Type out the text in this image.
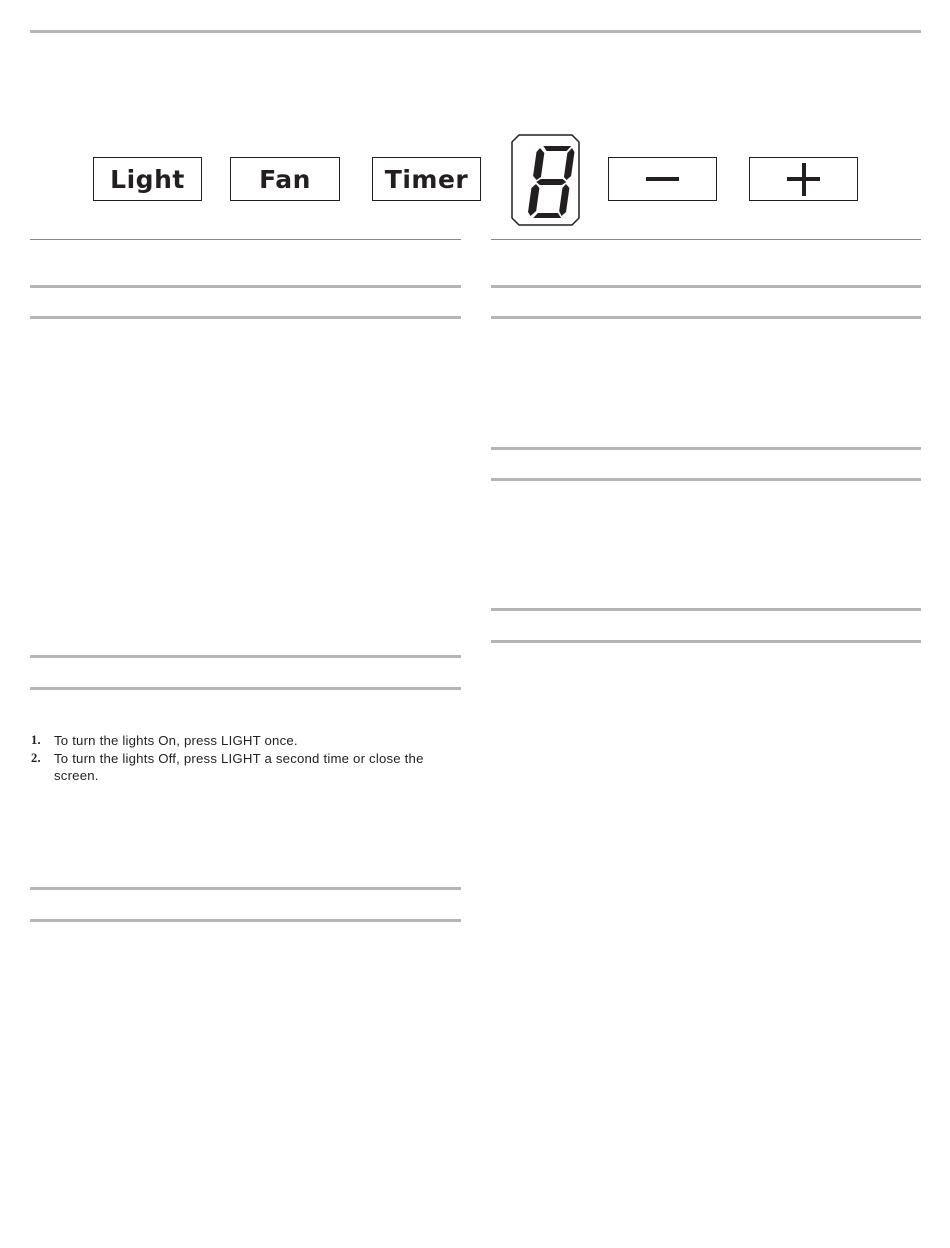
Light	Fan	Timer
1. To turn the lights On, press LIGHT once.
2. To turn the lights Off, press LIGHT a second time or close the screen.
